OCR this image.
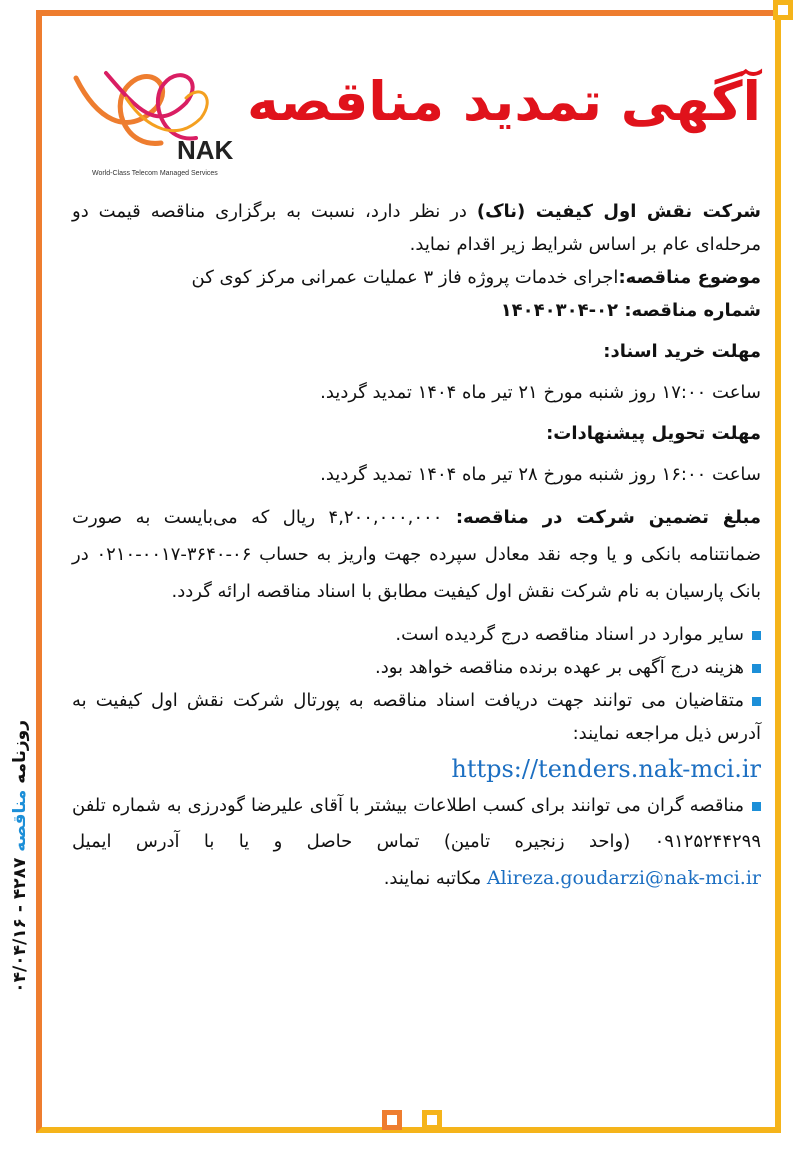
آگهی تمدید مناقصه
NAK
World-Class Telecom Managed Services

شرکت نقش اول کیفیت (ناک) در نظر دارد، نسبت به برگزاری مناقصه قیمت دو مرحله‌ای عام بر اساس شرایط زیر اقدام نماید.

موضوع مناقصه:اجرای خدمات پروژه فاز ۳ عملیات عمرانی مرکز کوی کن

شماره مناقصه: ۰۲-۱۴۰۴۰۳۰۴

مهلت خرید اسناد:

ساعت ۱۷:۰۰ روز شنبه مورخ ۲۱ تیر ماه ۱۴۰۴ تمدید گردید.

مهلت تحویل پیشنهادات:

ساعت ۱۶:۰۰ روز شنبه مورخ ۲۸ تیر ماه ۱۴۰۴ تمدید گردید.

مبلغ تضمین شرکت در مناقصه: ۴,۲۰۰,۰۰۰,۰۰۰ ریال که می‌بایست به صورت ضمانتنامه بانکی و یا وجه نقد معادل سپرده جهت واریز به حساب ۰۶-۳۶۴۰-۰۰۱۷-۰۲۱۰ در بانک پارسیان به نام شرکت نقش اول کیفیت مطابق با اسناد مناقصه ارائه گردد.

سایر موارد در اسناد مناقصه درج گردیده است.

هزینه درج آگهی بر عهده برنده مناقصه خواهد بود.

متقاضیان می توانند جهت دریافت اسناد مناقصه به پورتال شرکت نقش اول کیفیت به آدرس ذیل مراجعه نمایند:

https://tenders.nak-mci.ir

مناقصه گران می توانند برای کسب اطلاعات بیشتر با آقای علیرضا گودرزی به شماره تلفن ۰۹۱۲۵۲۴۴۲۹۹ (واحد زنجیره تامین) تماس حاصل و یا با آدرس ایمیل Alireza.goudarzi@nak-mci.ir مکاتبه نمایند.

روزنامه مناقصه ۴۲۸۷ - ۰۴/۰۴/۱۶
